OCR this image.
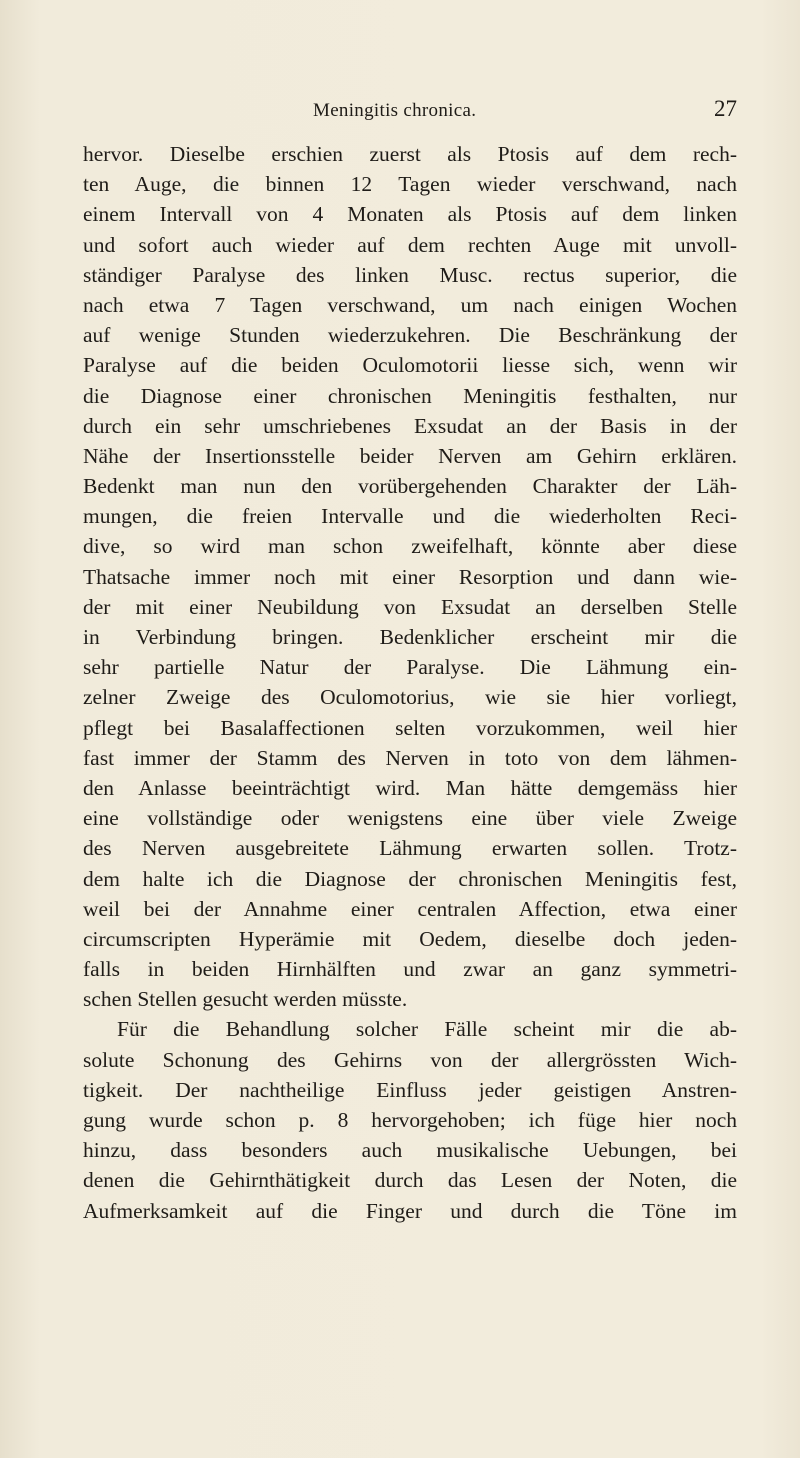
Meningitis chronica.	27
hervor. Dieselbe erschien zuerst als Ptosis auf dem rech-
ten Auge, die binnen 12 Tagen wieder verschwand, nach
einem Intervall von 4 Monaten als Ptosis auf dem linken
und sofort auch wieder auf dem rechten Auge mit unvoll-
ständiger Paralyse des linken Musc. rectus superior, die
nach etwa 7 Tagen verschwand, um nach einigen Wochen
auf wenige Stunden wiederzukehren. Die Beschränkung der
Paralyse auf die beiden Oculomotorii liesse sich, wenn wir
die Diagnose einer chronischen Meningitis festhalten, nur
durch ein sehr umschriebenes Exsudat an der Basis in der
Nähe der Insertionsstelle beider Nerven am Gehirn erklären.
Bedenkt man nun den vorübergehenden Charakter der Läh-
mungen, die freien Intervalle und die wiederholten Reci-
dive, so wird man schon zweifelhaft, könnte aber diese
Thatsache immer noch mit einer Resorption und dann wie-
der mit einer Neubildung von Exsudat an derselben Stelle
in Verbindung bringen. Bedenklicher erscheint mir die
sehr partielle Natur der Paralyse. Die Lähmung ein-
zelner Zweige des Oculomotorius, wie sie hier vorliegt,
pflegt bei Basalaffectionen selten vorzukommen, weil hier
fast immer der Stamm des Nerven in toto von dem lähmen-
den Anlasse beeinträchtigt wird. Man hätte demgemäss hier
eine vollständige oder wenigstens eine über viele Zweige
des Nerven ausgebreitete Lähmung erwarten sollen. Trotz-
dem halte ich die Diagnose der chronischen Meningitis fest,
weil bei der Annahme einer centralen Affection, etwa einer
circumscripten Hyperämie mit Oedem, dieselbe doch jeden-
falls in beiden Hirnhälften und zwar an ganz symmetri-
schen Stellen gesucht werden müsste.
Für die Behandlung solcher Fälle scheint mir die ab-
solute Schonung des Gehirns von der allergrössten Wich-
tigkeit. Der nachtheilige Einfluss jeder geistigen Anstren-
gung wurde schon p. 8 hervorgehoben; ich füge hier noch
hinzu, dass besonders auch musikalische Uebungen, bei
denen die Gehirnthätigkeit durch das Lesen der Noten, die
Aufmerksamkeit auf die Finger und durch die Töne im
